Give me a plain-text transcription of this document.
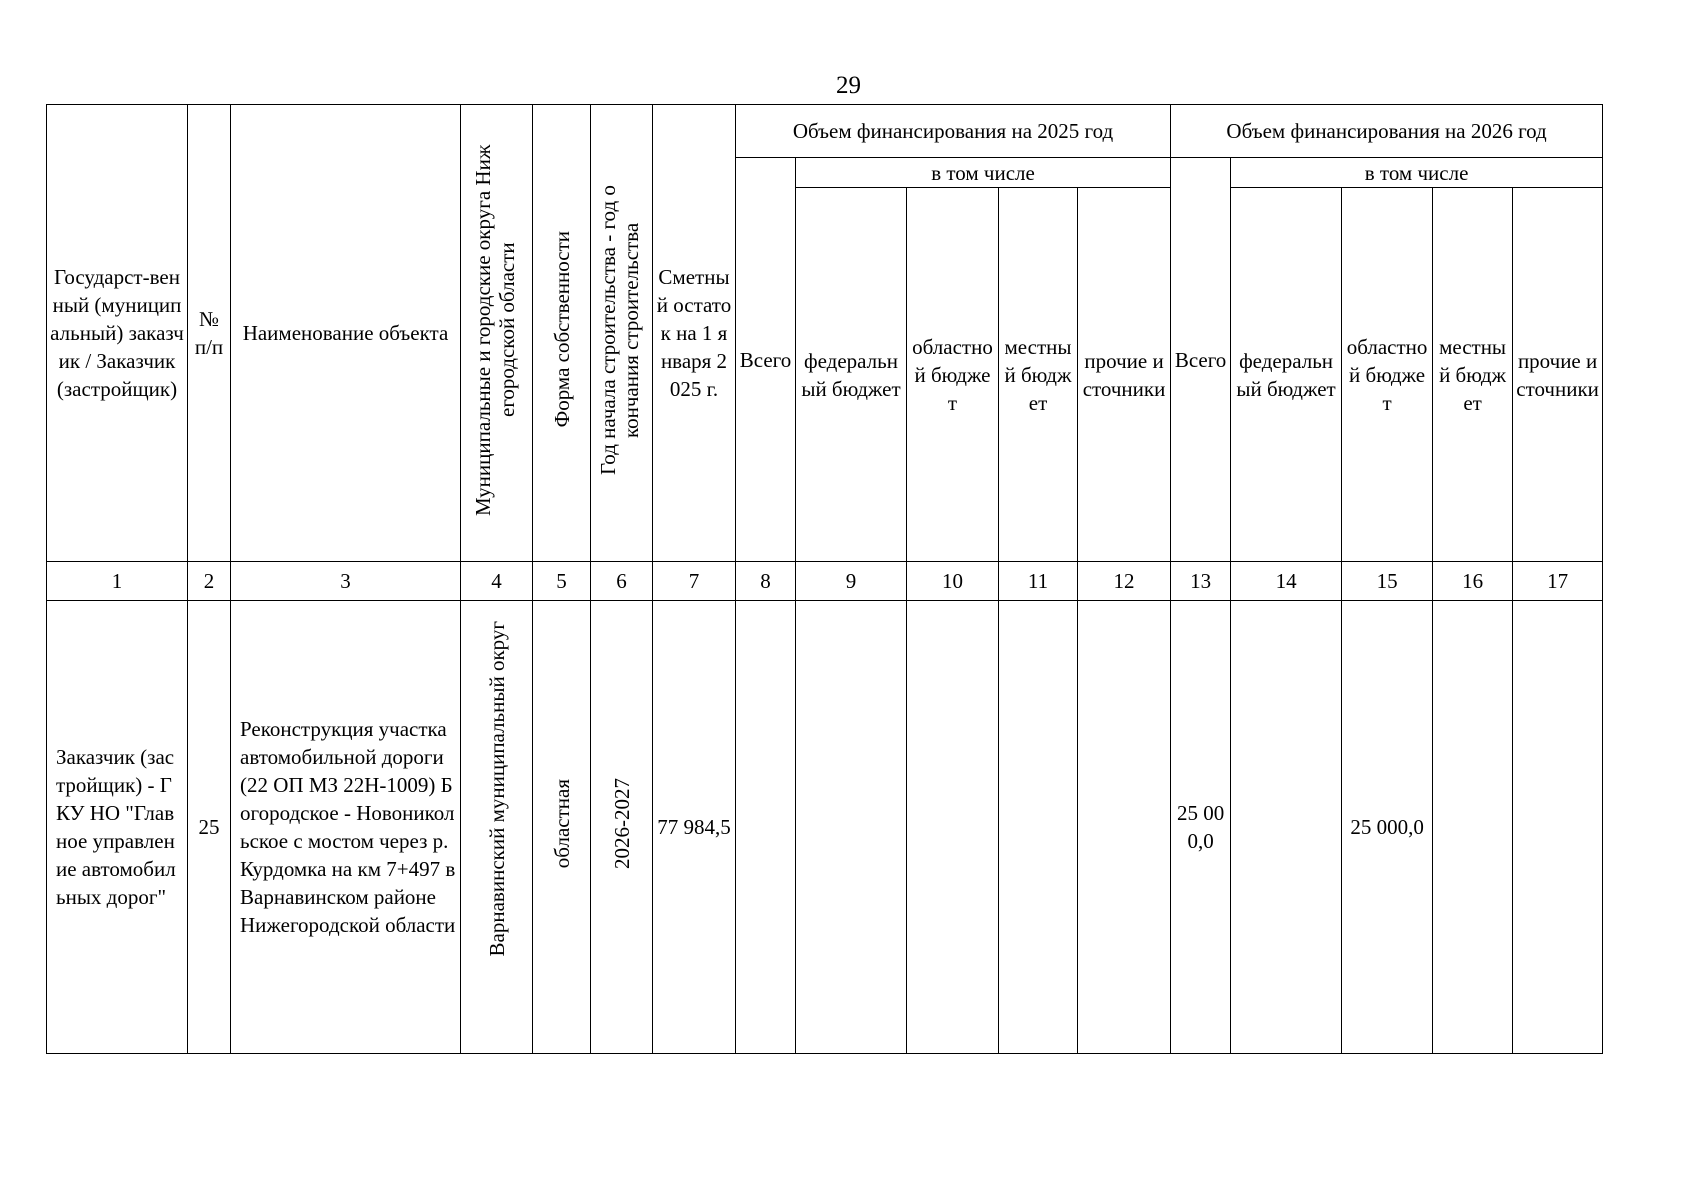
29
Государст-венный (муниципальный) заказчик / Заказчик (застройщик)	№ п/п	Наименование объекта	Муниципальные и городские округа Нижегородской области	Форма собственности	Год начала строительства - год окончания строительства	Сметный остаток на 1 января 2025 г.	Объем финансирования на 2025 год					Объем финансирования на 2026 год				
							Всего	в том числе				Всего	в том числе			
								федеральный бюджет	областной бюджет	местный бюджет	прочие источники		федеральный бюджет	областной бюджет	местный бюджет	прочие источники
1	2	3	4	5	6	7	8	9	10	11	12	13	14	15	16	17
Заказчик (застройщик) - ГКУ НО "Главное управление автомобильных дорог"	25	Реконструкция участка автомобильной дороги (22 ОП МЗ 22Н-1009) Богородское - Новоникольское с мостом через р. Курдомка на км 7+497 в Варнавинском районе Нижегородской области	Варнавинский муниципальный округ	областная	2026-2027	77 984,5						25 000,0		25 000,0		
